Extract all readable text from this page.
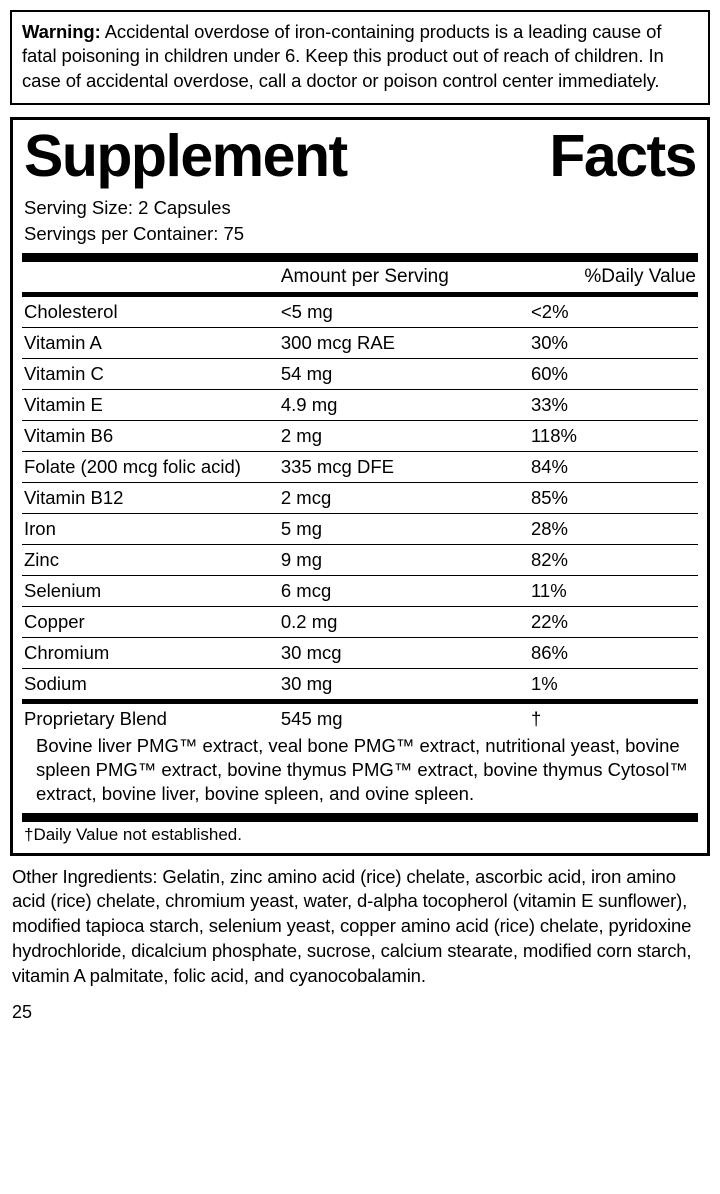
Warning: Accidental overdose of iron-containing products is a leading cause of fatal poisoning in children under 6. Keep this product out of reach of children. In case of accidental overdose, call a doctor or poison control center immediately.
Supplement	Facts
Serving Size: 2 Capsules
Servings per Container: 75
	Amount per Serving	%Daily Value
Cholesterol	<5 mg	<2%
Vitamin A	300 mcg RAE	30%
Vitamin C	54 mg	60%
Vitamin E	4.9 mg	33%
Vitamin B6	2 mg	118%
Folate (200 mcg folic acid)	335 mcg DFE	84%
Vitamin B12	2 mcg	85%
Iron	5 mg	28%
Zinc	9 mg	82%
Selenium	6 mcg	11%
Copper	0.2 mg	22%
Chromium	30 mcg	86%
Sodium	30 mg	1%
Proprietary Blend	545 mg	†
Bovine liver PMG™ extract, veal bone PMG™ extract, nutritional yeast, bovine spleen PMG™ extract, bovine thymus PMG™ extract, bovine thymus Cytosol™ extract, bovine liver, bovine spleen, and ovine spleen.
†Daily Value not established.
Other Ingredients: Gelatin, zinc amino acid (rice) chelate, ascorbic acid, iron amino acid (rice) chelate, chromium yeast, water, d-alpha tocopherol (vitamin E sunflower), modified tapioca starch, selenium yeast, copper amino acid (rice) chelate, pyridoxine hydrochloride, dicalcium phosphate, sucrose, calcium stearate, modified corn starch, vitamin A palmitate, folic acid, and cyanocobalamin.
25
